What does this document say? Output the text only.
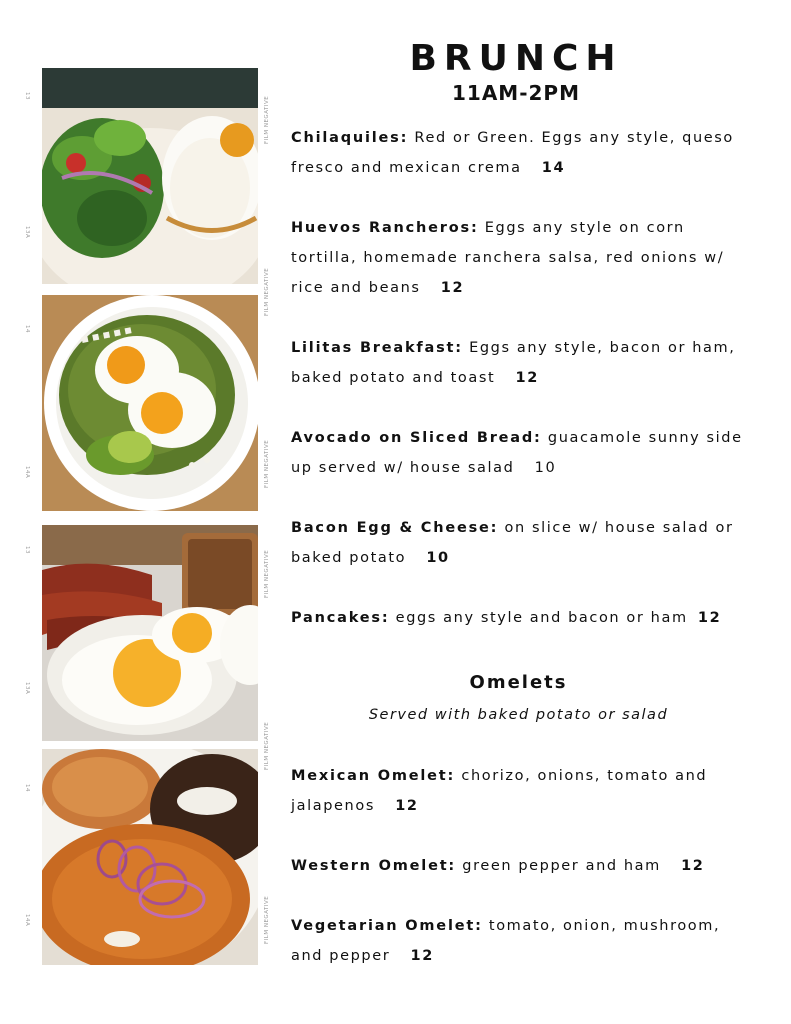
13
13A
FILM NEGATIVE
14
14A
FILM NEGATIVE
FILM NEGATIVE
13
13A
FILM NEGATIVE
FILM NEGATIVE
14
14A	FILM NEGATIVE
BRUNCH
11AM-2PM
Chilaquiles: Red or Green. Eggs any style, queso fresco and mexican crema 14
Huevos Rancheros: Eggs any style on corn tortilla, homemade ranchera salsa, red onions w/ rice and beans 12
Lilitas Breakfast: Eggs any style, bacon or ham, baked potato and toast 12
Avocado on Sliced Bread: guacamole sunny side up served w/ house salad 10
Bacon Egg & Cheese: on slice w/ house salad or baked potato 10
Pancakes: eggs any style and bacon or ham 12
Omelets
Served with baked potato or salad
Mexican Omelet: chorizo, onions, tomato and jalapenos 12
Western Omelet: green pepper and ham 12
Vegetarian Omelet: tomato, onion, mushroom, and pepper 12
